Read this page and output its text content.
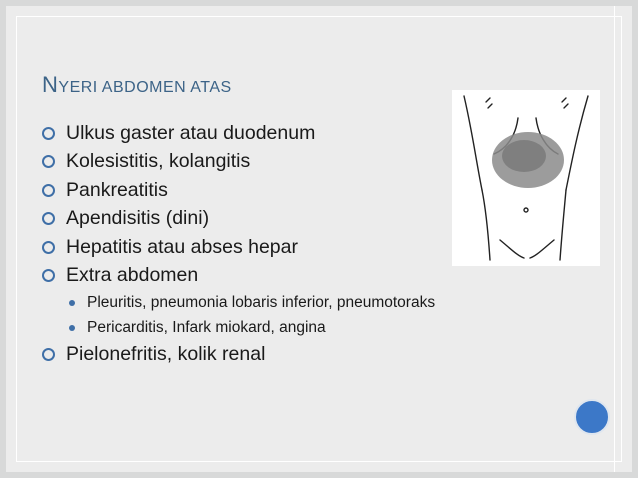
NYERI ABDOMEN ATAS
Ulkus gaster atau duodenum
Kolesistitis, kolangitis
Pankreatitis
Apendisitis (dini)
Hepatitis atau abses hepar
Extra abdomen
Pleuritis, pneumonia lobaris inferior, pneumotoraks
Pericarditis, Infark miokard, angina
Pielonefritis, kolik renal
